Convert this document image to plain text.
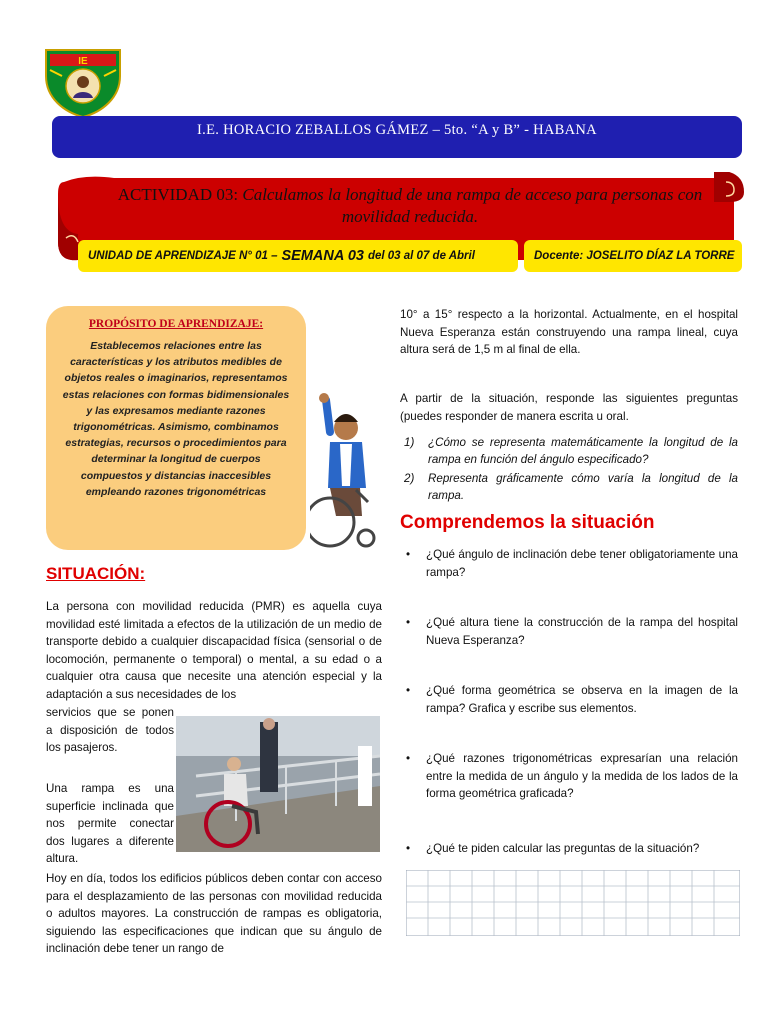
IE
I.E. HORACIO ZEBALLOS GÁMEZ – 5to. “A y B” - HABANA
ACTIVIDAD 03: Calculamos la longitud de una rampa de acceso para personas con movilidad reducida.
UNIDAD DE APRENDIZAJE N° 01 – SEMANA 03 del 03 al 07 de Abril	Docente: JOSELITO DÍAZ LA TORRE
PROPÓSITO DE APRENDIZAJE:
Establecemos relaciones entre las características y los atributos medibles de objetos reales o imaginarios, representamos estas relaciones con formas bidimensionales y las expresamos mediante razones trigonométricas. Asimismo, combinamos estrategias, recursos o procedimientos para determinar la longitud de cuerpos compuestos y distancias inaccesibles empleando razones trigonométricas
SITUACIÓN:
La persona con movilidad reducida (PMR) es aquella cuya movilidad esté limitada a efectos de la utilización de un medio de transporte debido a cualquier discapacidad física (sensorial o de locomoción, permanente o temporal) o mental, a su edad o a cualquier otra causa que necesite una atención especial y la adaptación a sus necesidades de los
servicios que se ponen a disposición de todos los pasajeros.
Una rampa es una superficie inclinada que nos permite conectar dos lugares a diferente altura.
Hoy en día, todos los edificios públicos deben contar con acceso para el desplazamiento de las personas con movilidad reducida o adultos mayores. La construcción de rampas es obligatoria, siguiendo las especificaciones que indican que su ángulo de inclinación debe tener un rango de
10° a 15° respecto a la horizontal. Actualmente, en el hospital Nueva Esperanza están construyendo una rampa lineal, cuya altura será de 1,5 m al final de ella.
A partir de la situación, responde las siguientes preguntas (puedes responder de manera escrita u oral.
1) ¿Cómo se representa matemáticamente la longitud de la rampa en función del ángulo especificado?
2) Representa gráficamente cómo varía la longitud de la rampa.
Comprendemos la situación
• ¿Qué ángulo de inclinación debe tener obligatoriamente una rampa?
• ¿Qué altura tiene la construcción de la rampa del hospital Nueva Esperanza?
• ¿Qué forma geométrica se observa en la imagen de la rampa? Grafica y escribe sus elementos.
• ¿Qué razones trigonométricas expresarían una relación entre la medida de un ángulo y la medida de los lados de la forma geométrica graficada?
• ¿Qué te piden calcular las preguntas de la situación?
